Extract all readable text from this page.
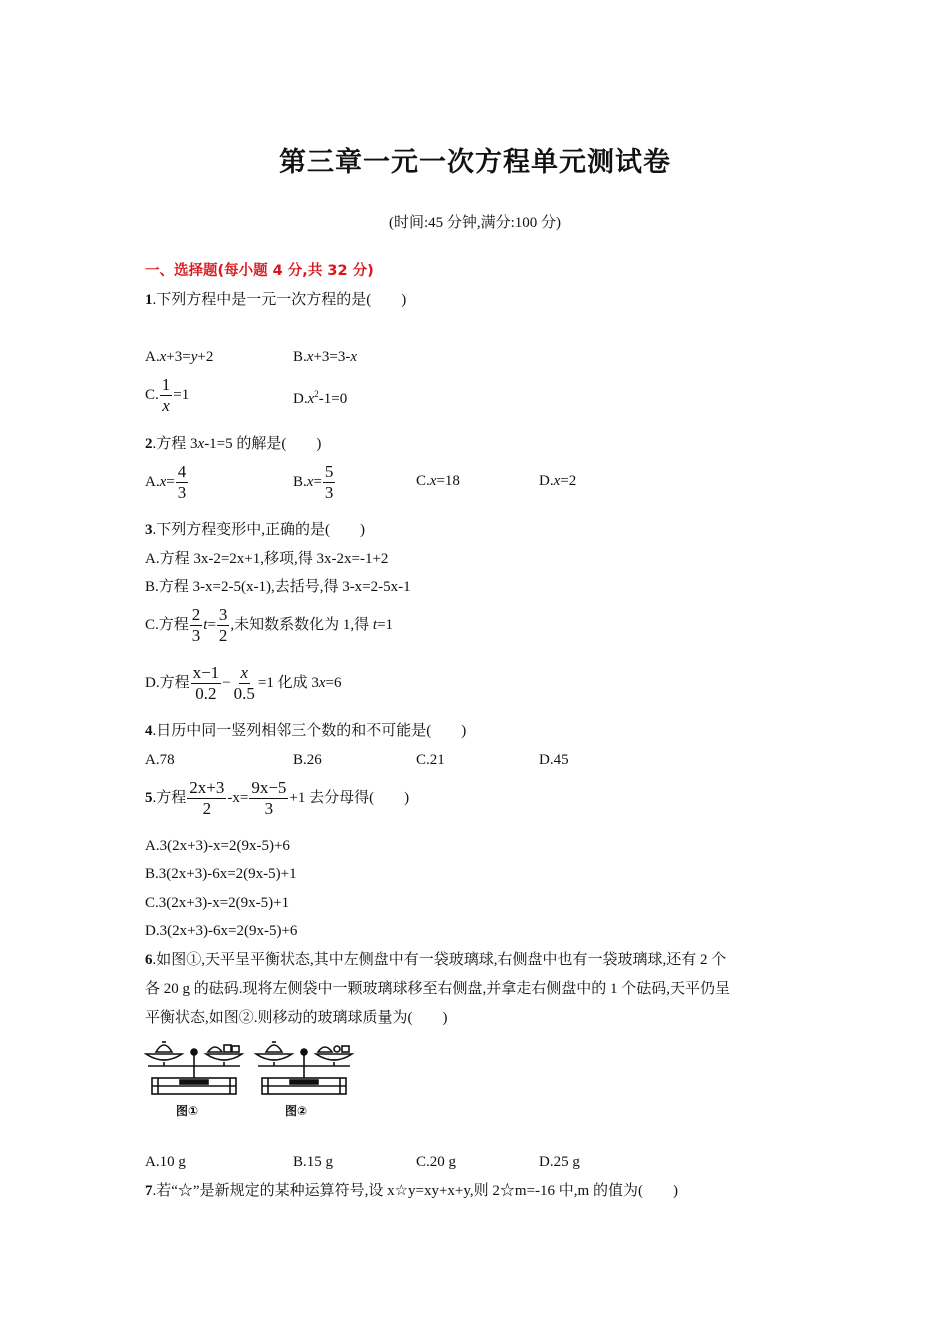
第三章一元一次方程单元测试卷
(时间:45 分钟,满分:100 分)
一、选择题(每小题 4 分,共 32 分)
1.下列方程中是一元一次方程的是(　　)
A.x+3=y+2	B.x+3=3-x
C. $\frac{1}{x} =1$	$D.x^2-1=0$
2.方程 3x-1=5 的解是(　　)
$A.x= \frac{4}{3}$	$B.x= \frac{5}{3}$	C.x=18	D.x=2
3.下列方程变形中,正确的是(　　)
A.方程 3x-2=2x+1,移项,得 3x-2x=-1+2
B.方程 3-x=2-5(x-1),去括号,得 3-x=2-5x-1
C.方程 $\frac{2}{3} t= \frac{3}{2}$ ,未知数系数化为 1,得 t=1
D.方程 $\frac{x-1}{0.2} - \frac{x}{0.5} =1$ 化成 3x=6
4.日历中同一竖列相邻三个数的和不可能是(　　)
A.78	B.26	C.21	D.45
5.方程 $\frac{2x+3}{2} -x= \frac{9x-5}{3} +1$ 去分母得(　　)
A.3(2x+3)-x=2(9x-5)+6
B.3(2x+3)-6x=2(9x-5)+1
C.3(2x+3)-x=2(9x-5)+1
D.3(2x+3)-6x=2(9x-5)+6
6.如图①,天平呈平衡状态,其中左侧盘中有一袋玻璃球,右侧盘中也有一袋玻璃球,还有 2 个
各 20 g 的砝码.现将左侧袋中一颗玻璃球移至右侧盘,并拿走右侧盘中的 1 个砝码,天平仍呈
平衡状态,如图②.则移动的玻璃球质量为(　　)
图①	图②
A.10 g	B.15 g	C.20 g	D.25 g
7.若“☆”是新规定的某种运算符号,设 x☆y=xy+x+y,则 2☆m=-16 中,m 的值为(　　)
